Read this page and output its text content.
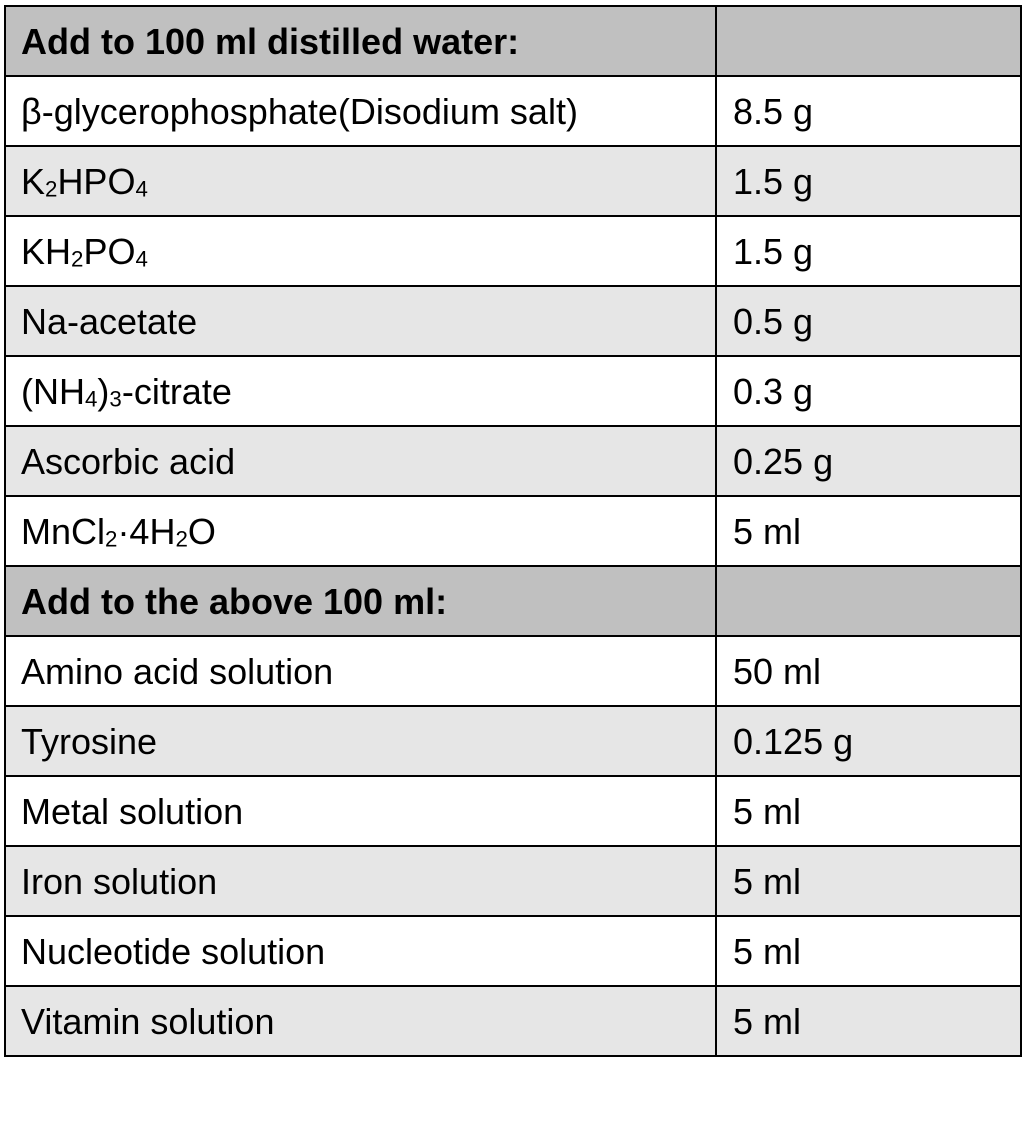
Add to 100 ml distilled water:	

β-glycerophosphate(Disodium salt)	8.5 g

$K_2HPO_4$	1.5 g

$KH_2PO_4$	1.5 g

Na-acetate	0.5 g

$(NH_4)_3$-citrate	0.3 g

Ascorbic acid	0.25 g

$MnCl_2\cdot 4H_2O$	5 ml

Add to the above 100 ml:	

Amino acid solution	50 ml

Tyrosine	0.125 g

Metal solution	5 ml

Iron solution	5 ml

Nucleotide solution	5 ml

Vitamin solution	5 ml
